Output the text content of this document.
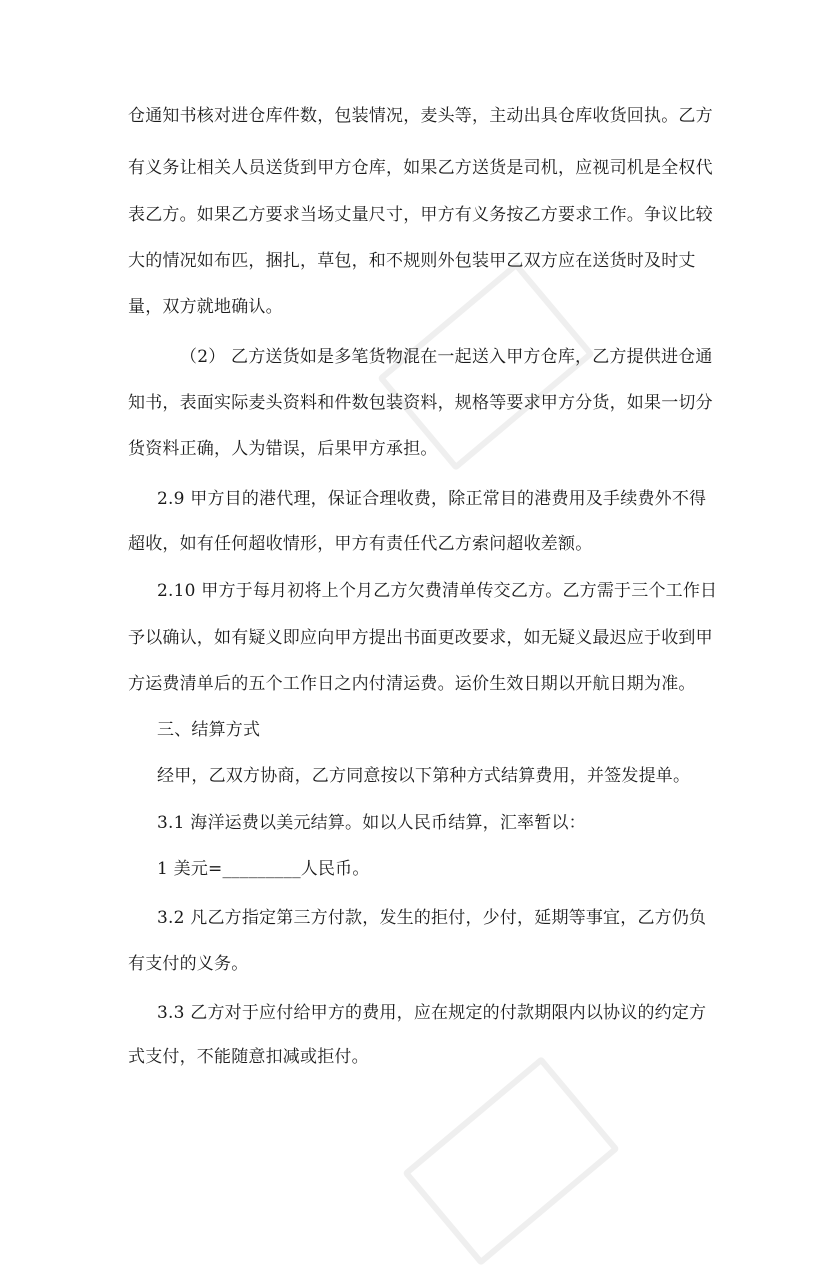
仓通知书核对进仓库件数，包装情况，麦头等，主动出具仓库收货回执。乙方
有义务让相关人员送货到甲方仓库，如果乙方送货是司机，应视司机是全权代
表乙方。如果乙方要求当场丈量尺寸，甲方有义务按乙方要求工作。争议比较
大的情况如布匹，捆扎，草包，和不规则外包装甲乙双方应在送货时及时丈
量，双方就地确认。
（2） 乙方送货如是多笔货物混在一起送入甲方仓库，乙方提供进仓通
知书，表面实际麦头资料和件数包装资料，规格等要求甲方分货，如果一切分
货资料正确，人为错误，后果甲方承担。
2.9 甲方目的港代理，保证合理收费，除正常目的港费用及手续费外不得
超收，如有任何超收情形，甲方有责任代乙方索问超收差额。
2.10 甲方于每月初将上个月乙方欠费清单传交乙方。乙方需于三个工作日
予以确认，如有疑义即应向甲方提出书面更改要求，如无疑义最迟应于收到甲
方运费清单后的五个工作日之内付清运费。运价生效日期以开航日期为准。
三、结算方式
经甲，乙双方协商，乙方同意按以下第种方式结算费用，并签发提单。
3.1 海洋运费以美元结算。如以人民币结算，汇率暂以：
1 美元=_________人民币。
3.2 凡乙方指定第三方付款，发生的拒付，少付，延期等事宜，乙方仍负
有支付的义务。
3.3 乙方对于应付给甲方的费用，应在规定的付款期限内以协议的约定方
式支付，不能随意扣减或拒付。
